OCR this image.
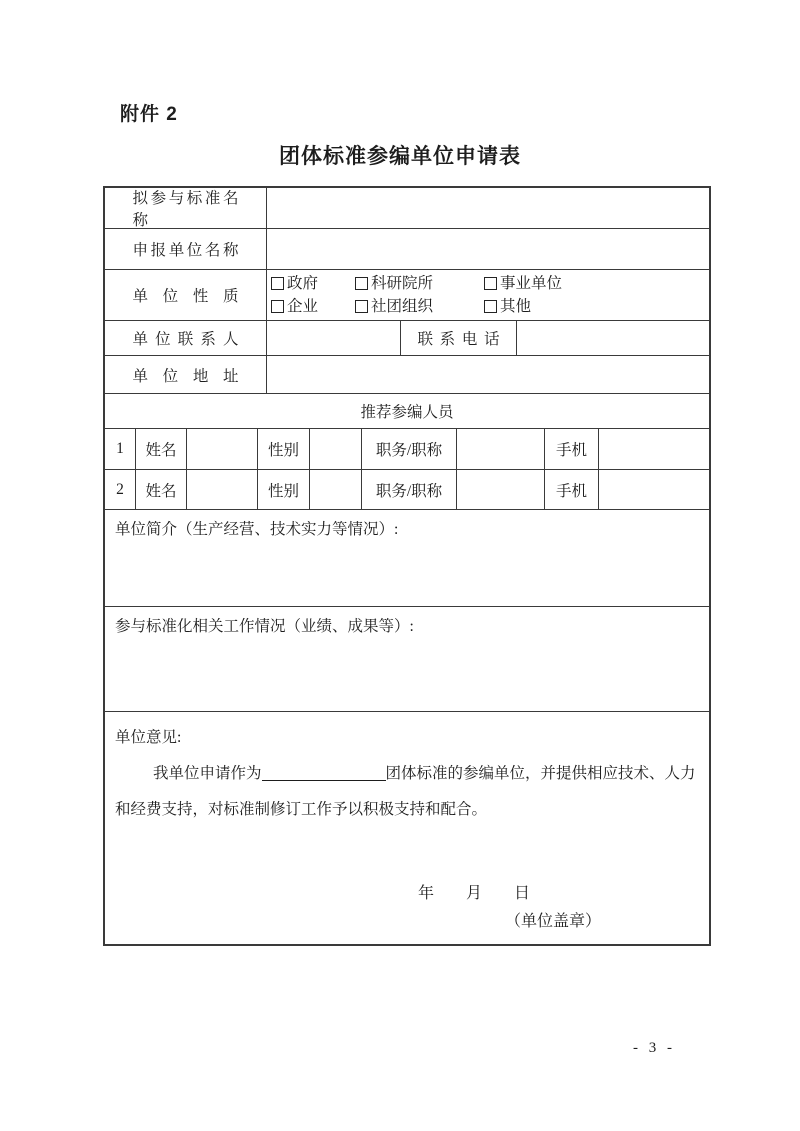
附件 2
团体标准参编单位申请表
拟参与标准名称
申报单位名称
单位性质
政府	科研院所	事业单位
企业	社团组织	其他
单位联系人	联系电话
单位地址
推荐参编人员
1 姓名	性别	职务/职称	手机
2 姓名	性别	职务/职称	手机
单位简介（生产经营、技术实力等情况）:
参与标准化相关工作情况（业绩、成果等）:
单位意见:

我单位申请作为	团体标准的参编单位，并提供相应技术、人力和经费支持，对标准制修订工作予以积极支持和配合。

年　　月　　日
（单位盖章）
- 3 -
